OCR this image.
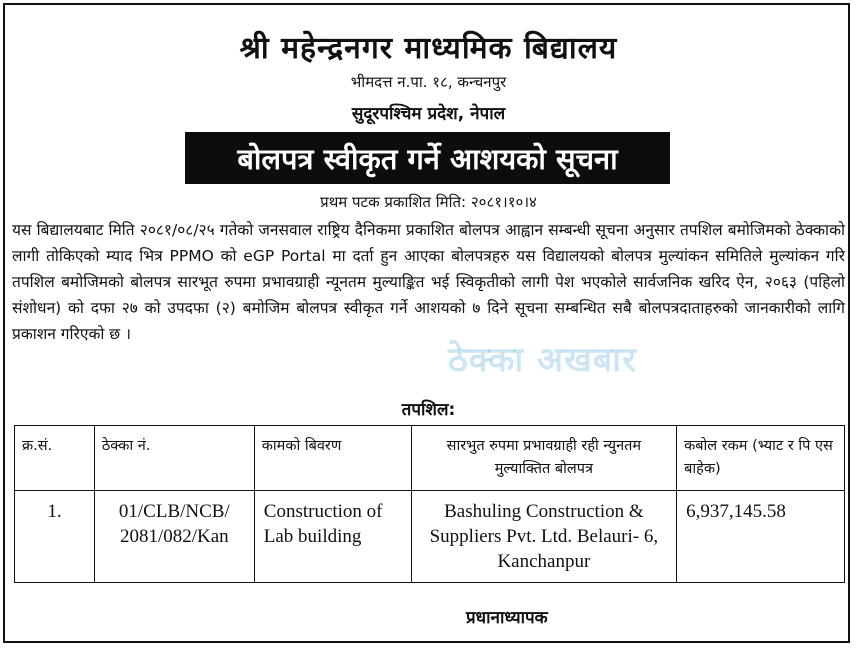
श्री महेन्द्रनगर माध्यमिक बिद्यालय
भीमदत्त न.पा. १८, कन्चनपुर
सुदूरपश्चिम प्रदेश, नेपाल
बोलपत्र स्वीकृत गर्ने आशयको सूचना
प्रथम पटक प्रकाशित मिति: २०८१।१०।४

यस बिद्यालयबाट मिति २०८१/०८/२५ गतेको जनसवाल राष्ट्रिय दैनिकमा प्रकाशित बोलपत्र आह्वान सम्बन्धी सूचना अनुसार तपशिल बमोजिमको ठेक्काको लागी तोकिएको म्याद भित्र PPMO को eGP Portal मा दर्ता हुन आएका बोलपत्रहरु यस विद्यालयको बोलपत्र मुल्यांकन समितिले मुल्यांकन गरि तपशिल बमोजिमको बोलपत्र सारभूत रुपमा प्रभावग्राही न्यूनतम मुल्याङ्कित भई स्विकृतीको लागी पेश भएकोले सार्वजनिक खरिद ऐन, २०६३ (पहिलो संशोधन) को दफा २७ को उपदफा (२) बमोजिम बोलपत्र स्वीकृत गर्ने आशयको ७ दिने सूचना सम्बन्धित सबै बोलपत्रदाताहरुको जानकारीको लागि प्रकाशन गरिएको छ ।

ठेक्का अखबार
तपशिल:
क्र.सं.	ठेक्का नं.	कामको बिवरण	सारभुत रुपमा प्रभावग्राही रही न्युनतम मुल्याक्तित बोलपत्र	कबोल रकम (भ्याट र पि एस बाहेक)
1.	01/CLB/NCB/ 2081/082/Kan	Construction of Lab building	Bashuling Construction & Suppliers Pvt. Ltd. Belauri- 6, Kanchanpur	6,937,145.58
प्रधानाध्यापक
